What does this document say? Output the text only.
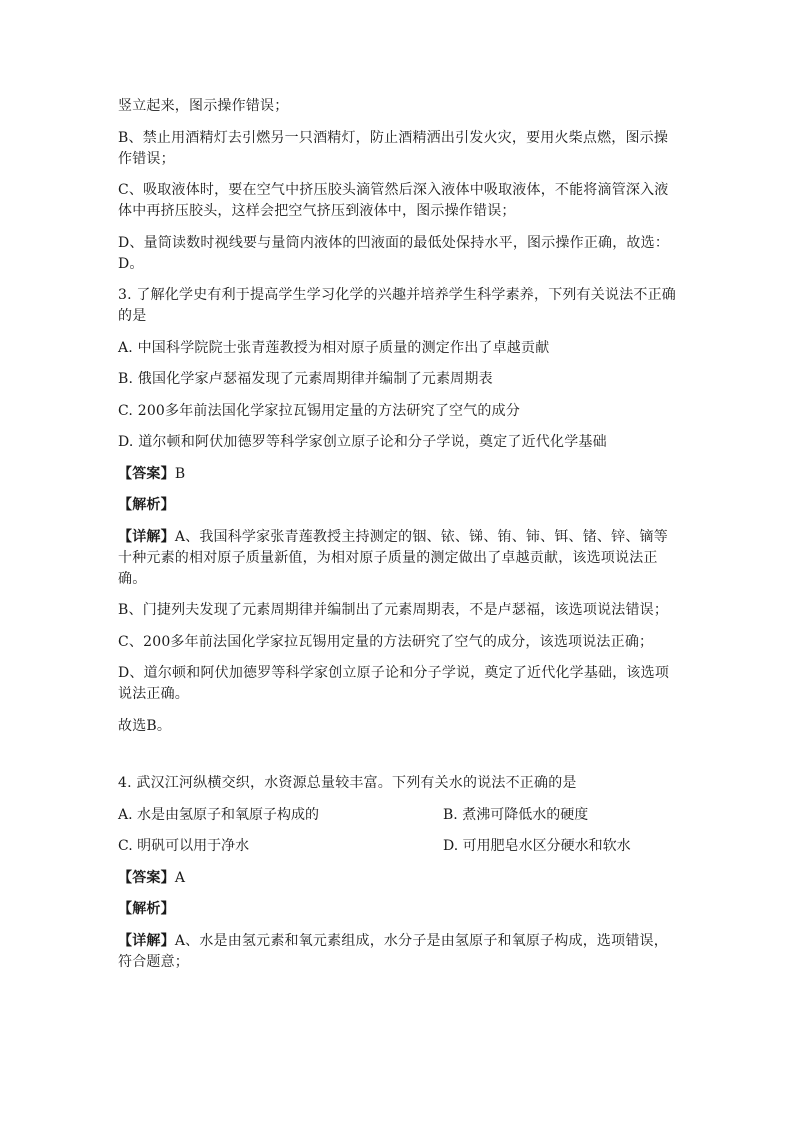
竖立起来，图示操作错误；

B、禁止用酒精灯去引燃另一只酒精灯，防止酒精洒出引发火灾，要用火柴点燃，图示操作错误；

C、吸取液体时，要在空气中挤压胶头滴管然后深入液体中吸取液体，不能将滴管深入液体中再挤压胶头，这样会把空气挤压到液体中，图示操作错误；

D、量筒读数时视线要与量筒内液体的凹液面的最低处保持水平，图示操作正确，故选：D。

3. 了解化学史有利于提高学生学习化学的兴趣并培养学生科学素养，下列有关说法不正确的是

A. 中国科学院院士张青莲教授为相对原子质量的测定作出了卓越贡献

B. 俄国化学家卢瑟福发现了元素周期律并编制了元素周期表

C. 200多年前法国化学家拉瓦锡用定量的方法研究了空气的成分

D. 道尔顿和阿伏加德罗等科学家创立原子论和分子学说，奠定了近代化学基础

【答案】B

【解析】

【详解】A、我国科学家张青莲教授主持测定的铟、铱、锑、铕、铈、铒、锗、锌、镝等十种元素的相对原子质量新值，为相对原子质量的测定做出了卓越贡献，该选项说法正确。

B、门捷列夫发现了元素周期律并编制出了元素周期表，不是卢瑟福，该选项说法错误；

C、200多年前法国化学家拉瓦锡用定量的方法研究了空气的成分，该选项说法正确；

D、道尔顿和阿伏加德罗等科学家创立原子论和分子学说，奠定了近代化学基础，该选项说法正确。

故选B。

4. 武汉江河纵横交织，水资源总量较丰富。下列有关水的说法不正确的是

A. 水是由氢原子和氧原子构成的	B. 煮沸可降低水的硬度
C. 明矾可以用于净水	D. 可用肥皂水区分硬水和软水

【答案】A

【解析】

【详解】A、水是由氢元素和氧元素组成，水分子是由氢原子和氧原子构成，选项错误，符合题意；
